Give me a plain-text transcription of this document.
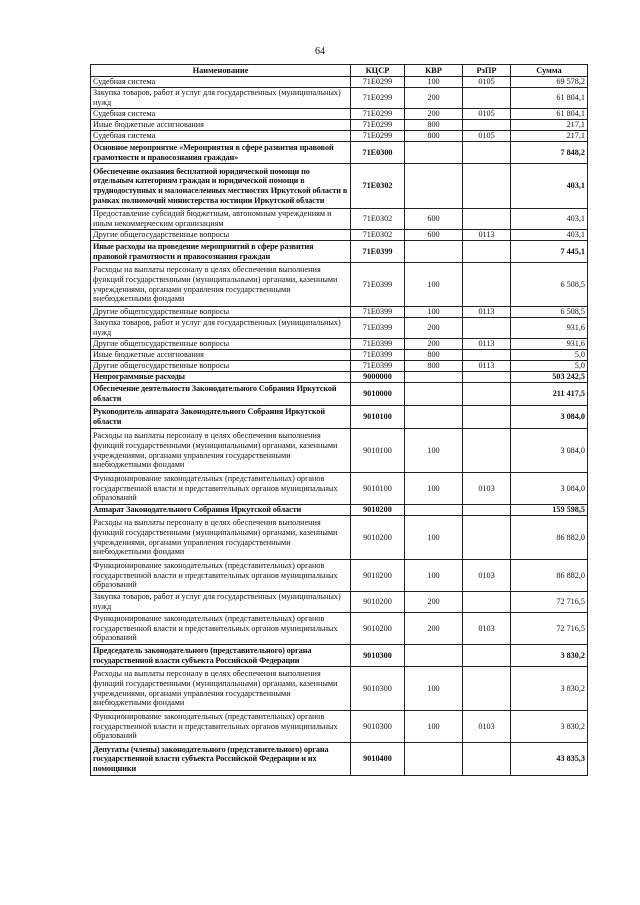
64
Наименование	КЦСР	КВР	РзПР	Сумма
Судебная система	71Е0299	100	0105	69 578,2
Закупка товаров, работ и услуг для государственных (муниципальных) нужд	71Е0299	200		61 804,1
Судебная система	71Е0299	200	0105	61 804,1
Иные бюджетные ассигнования	71Е0299	800		217,1
Судебная система	71Е0299	800	0105	217,1
Основное мероприятие «Мероприятия в сфере развития правовой грамотности и правосознания граждан»	71Е0300			7 848,2
Обеспечение оказания бесплатной юридической помощи по отдельным категориям граждан и юридической помощи в труднодоступных и малонаселенных местностях Иркутской области в рамках полномочий министерства юстиции Иркутской области	71Е0302			403,1
Предоставление субсидий бюджетным, автономным учреждениям и иным некоммерческим организациям	71Е0302	600		403,1
Другие общегосударственные вопросы	71Е0302	600	0113	403,1
Иные расходы на проведение мероприятий в сфере развития правовой грамотности и правосознания граждан	71Е0399			7 445,1
Расходы на выплаты персоналу в целях обеспечения выполнения функций государственными (муниципальными) органами, казенными учреждениями, органами управления государственными внебюджетными фондами	71Е0399	100		6 508,5
Другие общегосударственные вопросы	71Е0399	100	0113	6 508,5
Закупка товаров, работ и услуг для государственных (муниципальных) нужд	71Е0399	200		931,6
Другие общегосударственные вопросы	71Е0399	200	0113	931,6
Иные бюджетные ассигнования	71Е0399	800		5,0
Другие общегосударственные вопросы	71Е0399	800	0113	5,0
Непрограммные расходы	9000000			503 242,5
Обеспечение деятельности Законодательного Собрания Иркутской области	9010000			211 417,5
Руководитель аппарата Законодательного Собрания Иркутской области	9010100			3 084,0
Расходы на выплаты персоналу в целях обеспечения выполнения функций государственными (муниципальными) органами, казенными учреждениями, органами управления государственными внебюджетными фондами	9010100	100		3 084,0
Функционирование законодательных (представительных) органов государственной власти и представительных органов муниципальных образований	9010100	100	0103	3 084,0
Аппарат Законодательного Собрания Иркутской области	9010200			159 598,5
Расходы на выплаты персоналу в целях обеспечения выполнения функций государственными (муниципальными) органами, казенными учреждениями, органами управления государственными внебюджетными фондами	9010200	100		86 882,0
Функционирование законодательных (представительных) органов государственной власти и представительных органов муниципальных образований	9010200	100	0103	86 882,0
Закупка товаров, работ и услуг для государственных (муниципальных) нужд	9010200	200		72 716,5
Функционирование законодательных (представительных) органов государственной власти и представительных органов муниципальных образований	9010200	200	0103	72 716,5
Председатель законодательного (представительного) органа государственной власти субъекта Российской Федерации	9010300			3 830,2
Расходы на выплаты персоналу в целях обеспечения выполнения функций государственными (муниципальными) органами, казенными учреждениями, органами управления государственными внебюджетными фондами	9010300	100		3 830,2
Функционирование законодательных (представительных) органов государственной власти и представительных органов муниципальных образований	9010300	100	0103	3 830,2
Депутаты (члены) законодательного (представительного) органа государственной власти субъекта Российской Федерации и их помощники	9010400			43 835,3
